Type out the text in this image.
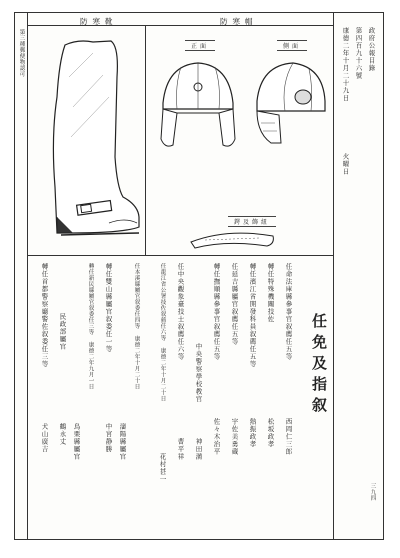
第三種郵便物認可	政府公報目錄
第四百九十六號
康德二年十月二十九日
火曜日
防寒靴	防寒帽
正面	側面
鍔及飾紐
任免及指叙
三九四
任命法庫縣參事官叙薦任五等
西岡仁三郎
轉任特殊機關技佐
松坂政孝
轉任濱江省開發科員叙薦任五等
熱振政孝
任延吉縣屬官叙薦任五等
宇佐美勇蔵
轉任撫順縣參事官叙薦任五等
佐々木治平
中央警察學校教官
神田満
任中央觀象臺技士叙薦任六等
曹平祥
任龍江省公署技佐叙薦任六等 康德二年十月二十日
花村甚一
任本溪縣屬官叙委任四等 康德二年十月二十日
瀋陽縣屬官
轉任雙山縣屬官叙委任一等
中宮静勝
轉任新民縣屬官叙委任三等 康德二年九月一日
鳥栗縣屬官
民政部屬官
鶴永丈
轉任首都警察廳警佐叙委任三等
犬山廣吉
